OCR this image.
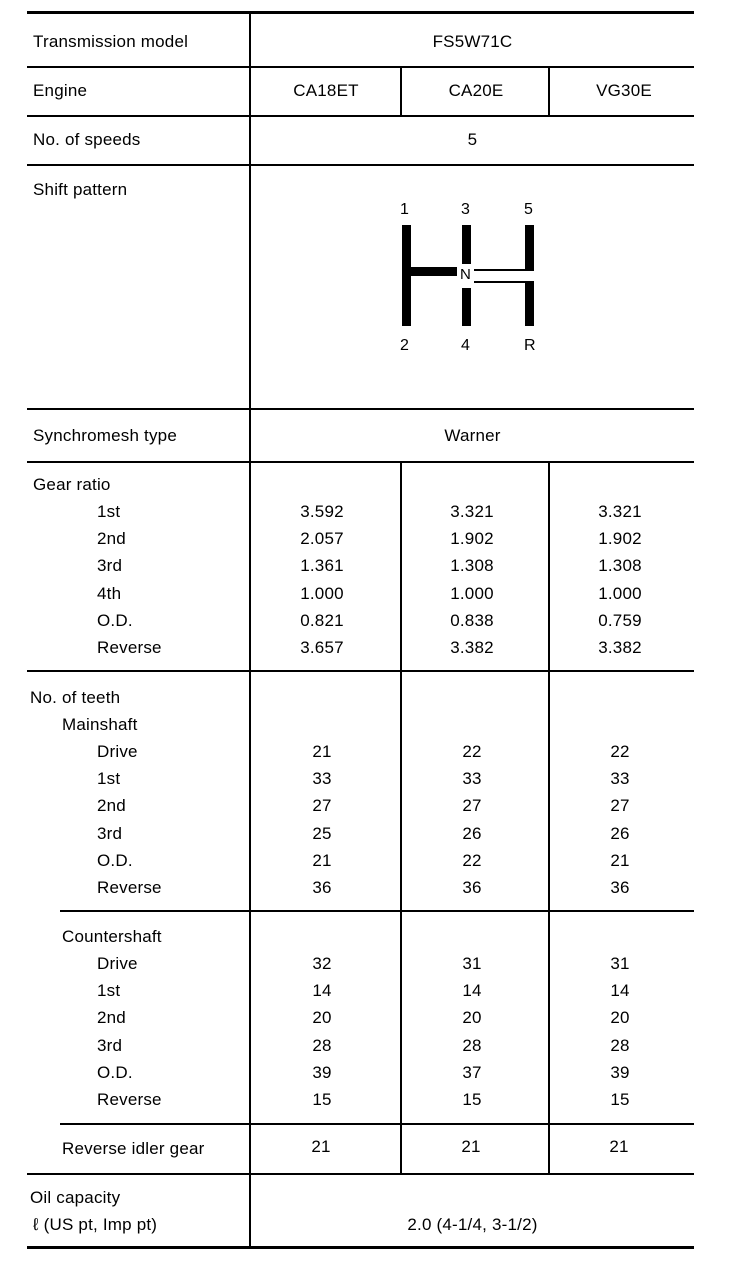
Transmission model	FS5W71C
Engine	CA18ET	CA20E	VG30E
No. of speeds	5
Shift pattern
1	3	5
N
2	4	R
Synchromesh type	Warner
Gear ratio
1st	3.592	3.321	3.321
2nd	2.057	1.902	1.902
3rd	1.361	1.308	1.308
4th	1.000	1.000	1.000
O.D.	0.821	0.838	0.759
Reverse	3.657	3.382	3.382
No. of teeth
Mainshaft
Drive	21	22	22
1st	33	33	33
2nd	27	27	27
3rd	25	26	26
O.D.	21	22	21
Reverse	36	36	36
Countershaft
Drive	32	31	31
1st	14	14	14
2nd	20	20	20
3rd	28	28	28
O.D.	39	37	39
Reverse	15	15	15
Reverse idler gear	21	21	21
Oil capacity
ℓ (US pt, Imp pt)	2.0 (4-1/4, 3-1/2)
